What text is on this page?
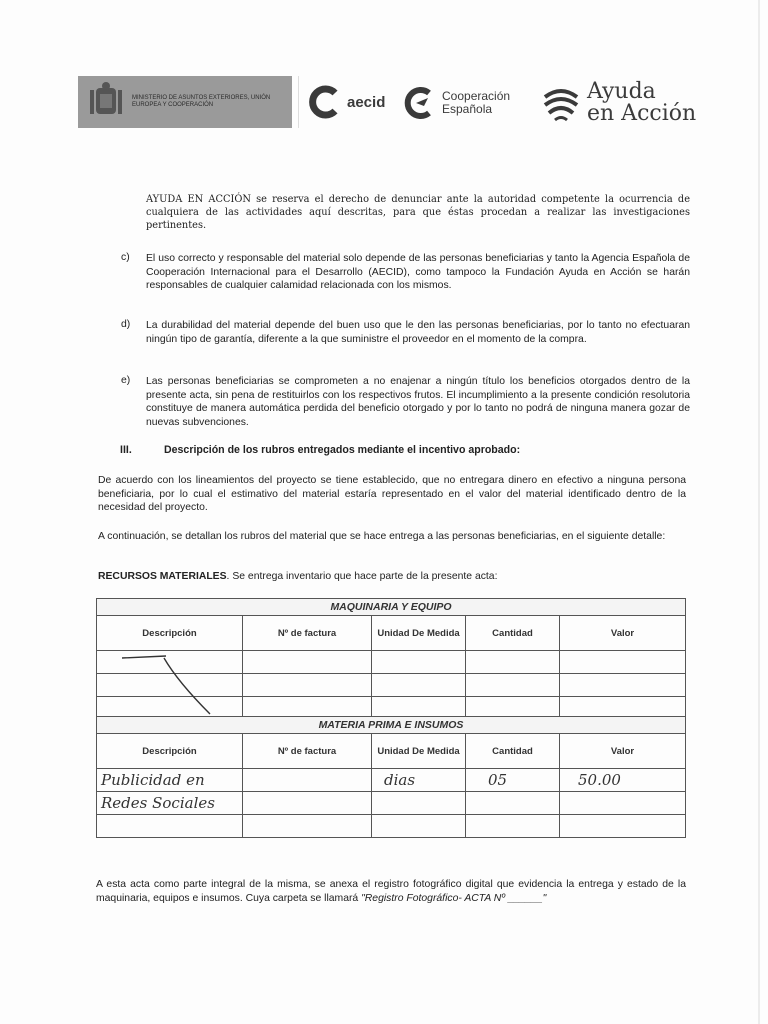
MINISTERIO DE ASUNTOS EXTERIORES, UNIÓN EUROPEA Y COOPERACIÓN	aecid	Cooperación
Española
Ayuda
en Acción
AYUDA EN ACCIÓN se reserva el derecho de denunciar ante la autoridad competente la ocurrencia de cualquiera de las actividades aquí descritas, para que éstas procedan a realizar las investigaciones pertinentes.
c) El uso correcto y responsable del material solo depende de las personas beneficiarias y tanto la Agencia Española de Cooperación Internacional para el Desarrollo (AECID), como tampoco la Fundación Ayuda en Acción se harán responsables de cualquier calamidad relacionada con los mismos.
d) La durabilidad del material depende del buen uso que le den las personas beneficiarias, por lo tanto no efectuaran ningún tipo de garantía, diferente a la que suministre el proveedor en el momento de la compra.
e) Las personas beneficiarias se comprometen a no enajenar a ningún título los beneficios otorgados dentro de la presente acta, sin pena de restituirlos con los respectivos frutos. El incumplimiento a la presente condición resolutoria constituye de manera automática perdida del beneficio otorgado y por lo tanto no podrá de ninguna manera gozar de nuevas subvenciones.
III.	Descripción de los rubros entregados mediante el incentivo aprobado:
De acuerdo con los lineamientos del proyecto se tiene establecido, que no entregara dinero en efectivo a ninguna persona beneficiaria, por lo cual el estimativo del material estaría representado en el valor del material identificado dentro de la necesidad del proyecto.
A continuación, se detallan los rubros del material que se hace entrega a las personas beneficiarias, en el siguiente detalle:
RECURSOS MATERIALES. Se entrega inventario que hace parte de la presente acta:
MAQUINARIA Y EQUIPO				
Descripción	Nº de factura	Unidad De Medida	Cantidad	Valor

MATERIA PRIMA E INSUMOS				
Descripción	Nº de factura	Unidad De Medida	Cantidad	Valor
Publicidad en		dias	05	50.00
Redes Sociales				

A esta acta como parte integral de la misma, se anexa el registro fotográfico digital que evidencia la entrega y estado de la maquinaria, equipos e insumos. Cuya carpeta se llamará "Registro Fotográfico- ACTA Nº ______"
